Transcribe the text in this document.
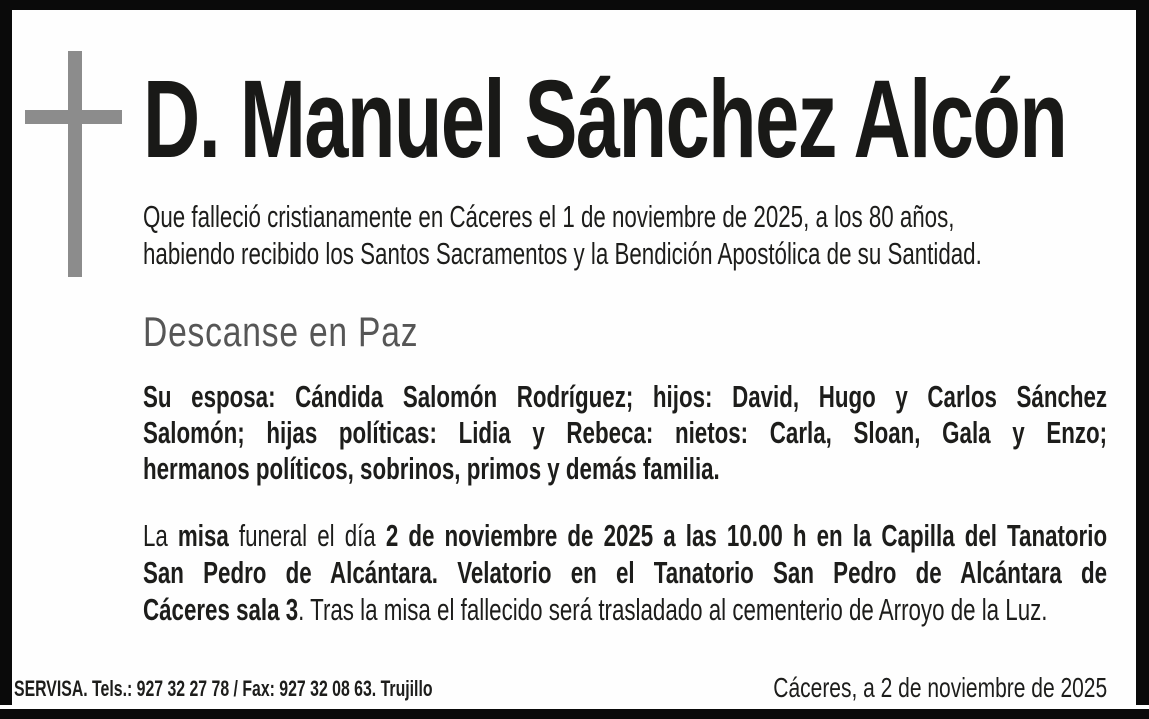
D. Manuel Sánchez Alcón
Que falleció cristianamente en Cáceres el 1 de noviembre de 2025, a los 80 años,
habiendo recibido los Santos Sacramentos y la Bendición Apostólica de su Santidad.
Descanse en Paz
Su esposa: Cándida Salomón Rodríguez; hijos: David, Hugo y Carlos Sánchez
Salomón; hijas políticas: Lidia y Rebeca: nietos: Carla, Sloan, Gala y Enzo;
hermanos políticos, sobrinos, primos y demás familia.
La misa funeral el día 2 de noviembre de 2025 a las 10.00 h en la Capilla del Tanatorio
San Pedro de Alcántara. Velatorio en el Tanatorio San Pedro de Alcántara de
Cáceres sala 3. Tras la misa el fallecido será trasladado al cementerio de Arroyo de la Luz.
SERVISA. Tels.: 927 32 27 78 / Fax: 927 32 08 63. Trujillo	Cáceres, a 2 de noviembre de 2025
